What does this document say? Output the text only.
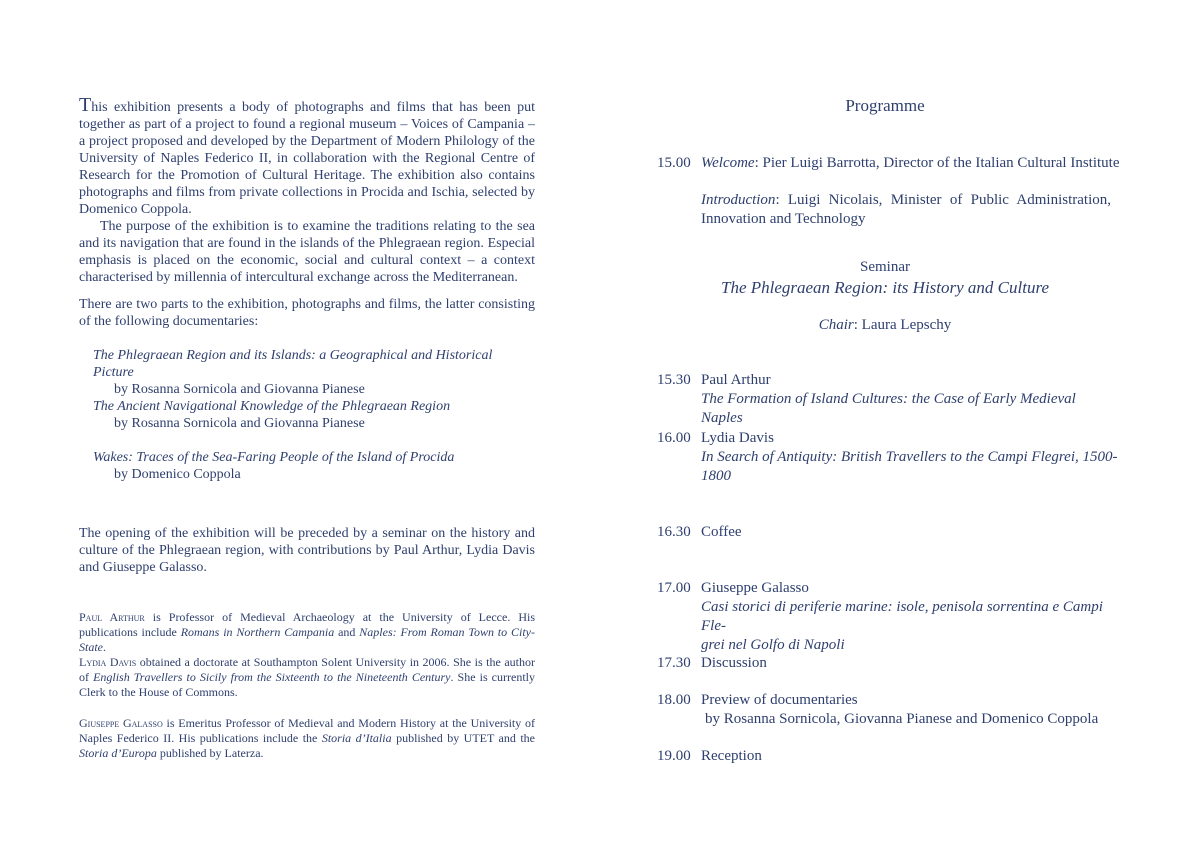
This exhibition presents a body of photographs and films that has been put together as part of a project to found a regional museum – Voices of Campania – a project proposed and developed by the Department of Modern Philology of the University of Naples Federico II, in collaboration with the Regional Centre of Research for the Promotion of Cultural Heritage. The exhibition also contains photographs and films from private collections in Procida and Ischia, selected by Domenico Coppola.

The purpose of the exhibition is to examine the traditions relating to the sea and its navigation that are found in the islands of the Phlegraean region. Especial emphasis is placed on the economic, social and cultural context – a context characterised by millennia of intercultural exchange across the Mediterranean.

There are two parts to the exhibition, photographs and films, the latter consisting of the following documentaries:

The Phlegraean Region and its Islands: a Geographical and Historical Picture
by Rosanna Sornicola and Giovanna Pianese
The Ancient Navigational Knowledge of the Phlegraean Region
by Rosanna Sornicola and Giovanna Pianese
Wakes: Traces of the Sea-Faring People of the Island of Procida
by Domenico Coppola

The opening of the exhibition will be preceded by a seminar on the history and culture of the Phlegraean region, with contributions by Paul Arthur, Lydia Davis and Giuseppe Galasso.

Paul Arthur is Professor of Medieval Archaeology at the University of Lecce. His publications include Romans in Northern Campania and Naples: From Roman Town to City-State.

Lydia Davis obtained a doctorate at Southampton Solent University in 2006. She is the author of English Travellers to Sicily from the Sixteenth to the Nineteenth Century. She is currently Clerk to the House of Commons.

Giuseppe Galasso is Emeritus Professor of Medieval and Modern History at the University of Naples Federico II. His publications include the Storia d’Italia published by UTET and the Storia d’Europa published by Laterza.

Programme
15.00 Welcome: Pier Luigi Barrotta, Director of the Italian Cultural Institute
Introduction: Luigi Nicolais, Minister of Public Administration, Innovation and Technology
Seminar
The Phlegraean Region: its History and Culture
Chair: Laura Lepschy
15.30 Paul Arthur
The Formation of Island Cultures: the Case of Early Medieval Naples
16.00 Lydia Davis
In Search of Antiquity: British Travellers to the Campi Flegrei, 1500-
1800
16.30 Coffee
17.00 Giuseppe Galasso
Casi storici di periferie marine: isole, penisola sorrentina e Campi Fle-
grei nel Golfo di Napoli
17.30 Discussion
18.00 Preview of documentaries
by Rosanna Sornicola, Giovanna Pianese and Domenico Coppola
19.00 Reception
